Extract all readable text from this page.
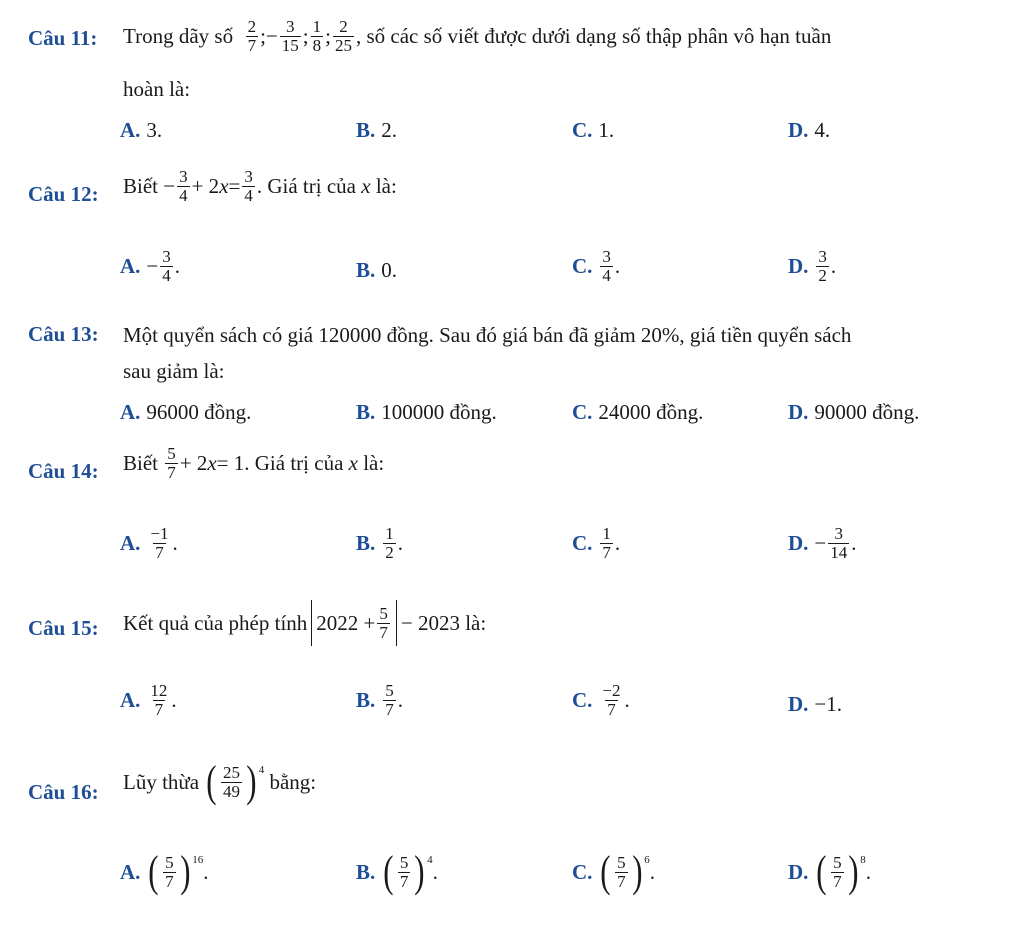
Câu 11: Trong dãy số
$\frac{2}{7}$ ;− $\frac{3}{15}$ ; $\frac{1}{8}$ ; $\frac{2}{25}$ , số các số viết được dưới dạng số thập phân vô hạn tuần
hoàn là:
A. 3.	B. 2.	C. 1.	D. 4.
Câu 12: Biết
− $\frac{3}{4} + 2$ $x = \frac{3}{4}$ . Giá trị của
x
là:
A. − $\frac{3}{4}$ .	B. 0.	C. $\frac{3}{4}$ .	D. $\frac{3}{2}$ .
Câu 13: Một quyển sách có giá 120000 đồng. Sau đó giá bán đã giảm 20%, giá tiền quyển sách
sau giảm là:
A. 96000 đồng.	B. 100000 đồng.	C. 24000 đồng.	D. 90000 đồng.
Câu 14: Biết
$\frac{5}{7} + 2$ x = 1 . Giá trị của
x
là:
A. $\frac{-1}{7}$ .	B. $\frac{1}{2}$ .	C. $\frac{1}{7}$ .	D. − $\frac{3}{14}$ .
Câu 15: Kết quả của phép tính $2022 + \frac{5}{7} - 2023$
là:
A. $\frac{12}{7}$ .	B. $\frac{5}{7}$ .	C. $\frac{-2}{7}$ .	D. −1.
Câu 16: Lũy thừa
( $\frac{25}{49} )^4$
bằng:
A. ( $\frac{5}{7} )^{16}$ .	B. ( $\frac{5}{7} )^4$ .	C. ( $\frac{5}{7} )^6$ .	D. ( $\frac{5}{7} )^8$ .
